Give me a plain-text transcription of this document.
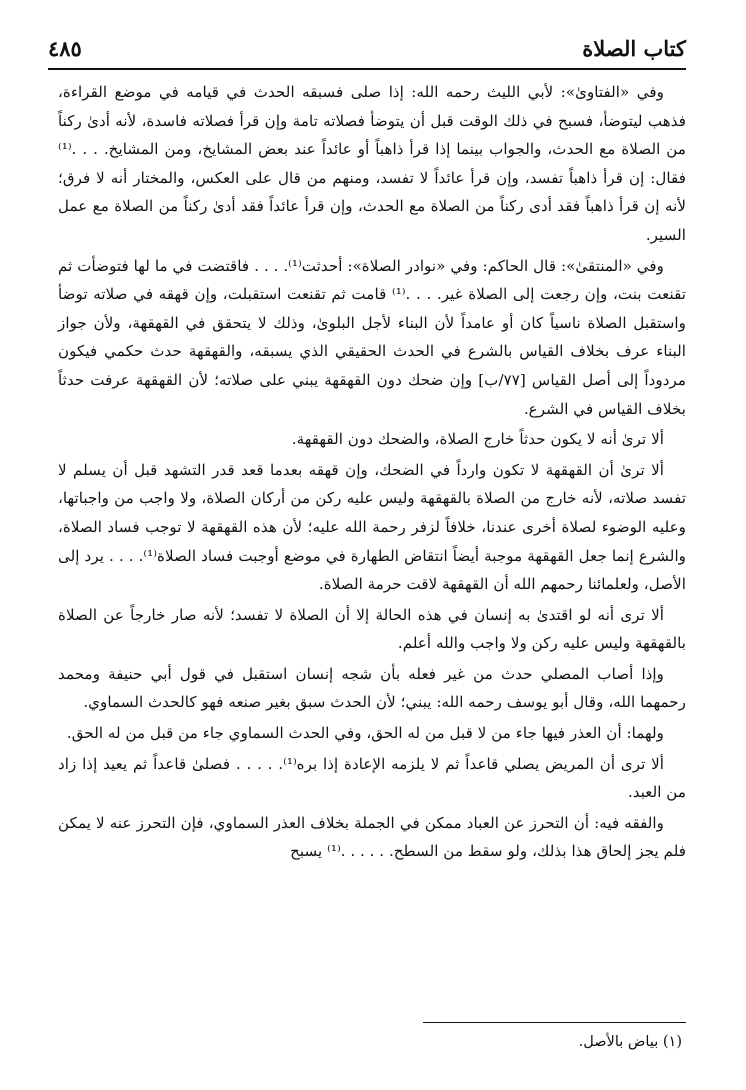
كتاب الصلاة
٤٨٥

وفي «الفتاوىٰ»: لأبي الليث رحمه الله: إذا صلى فسبقه الحدث في قيامه في موضع القراءة، فذهب ليتوضأ، فسبح في ذلك الوقت قبل أن يتوضأ فصلاته تامة وإن قرأ فصلاته فاسدة، لأنه أدىٰ ركناً من الصلاة مع الحدث، والجواب بينما إذا قرأ ذاهباً أو عائداً عند بعض المشايخ، ومن المشايخ. . . .⁽¹⁾ فقال: إن قرأ ذاهباً تفسد، وإن قرأ عائداً لا تفسد، ومنهم من قال على العكس، والمختار أنه لا فرق؛ لأنه إن قرأ ذاهباً فقد أدى ركناً من الصلاة مع الحدث، وإن قرأ عائداً فقد أدىٰ ركناً من الصلاة مع عمل السير.

وفي «المنتقىٰ»: قال الحاكم: وفي «نوادر الصلاة»: أحدثت⁽¹⁾. . . . فاقتضت في ما لها فتوضأت ثم تقنعت بنت، وإن رجعت إلى الصلاة غير. . . .⁽¹⁾ قامت ثم تقنعت استقبلت، وإن قهقه في صلاته توضأ واستقبل الصلاة ناسياً كان أو عامداً لأن البناء لأجل البلوىٰ، وذلك لا يتحقق في القهقهة، ولأن جواز البناء عرف بخلاف القياس بالشرع في الحدث الحقيقي الذي يسبقه، والقهقهة حدث حكمي فيكون مردوداً إلى أصل القياس [٧٧/ب] وإن ضحك دون القهقهة يبني على صلاته؛ لأن القهقهة عرفت حدثاً بخلاف القياس في الشرع.

ألا ترىٰ أنه لا يكون حدثاً خارج الصلاة، والضحك دون القهقهة.

ألا ترىٰ أن القهقهة لا تكون وارداً في الضحك، وإن قهقه بعدما قعد قدر التشهد قبل أن يسلم لا تفسد صلاته، لأنه خارج من الصلاة بالقهقهة وليس عليه ركن من أركان الصلاة، ولا واجب من واجباتها، وعليه الوضوء لصلاة أخرى عندنا، خلافاً لزفر رحمة الله عليه؛ لأن هذه القهقهة لا توجب فساد الصلاة، والشرع إنما جعل القهقهة موجبة أيضاً انتقاض الطهارة في موضع أوجبت فساد الصلاة⁽¹⁾. . . . يرد إلى الأصل، ولعلمائنا رحمهم الله أن القهقهة لاقت حرمة الصلاة.

ألا ترى أنه لو اقتدىٰ به إنسان في هذه الحالة إلا أن الصلاة لا تفسد؛ لأنه صار خارجاً عن الصلاة بالقهقهة وليس عليه ركن ولا واجب والله أعلم.

وإذا أصاب المصلي حدث من غير فعله بأن شجه إنسان استقبل في قول أبي حنيفة ومحمد رحمهما الله، وقال أبو يوسف رحمه الله: يبني؛ لأن الحدث سبق بغير صنعه فهو كالحدث السماوي.

ولهما: أن العذر فيها جاء من لا قبل من له الحق، وفي الحدث السماوي جاء من قبل من له الحق.

ألا ترى أن المريض يصلي قاعداً ثم لا يلزمه الإعادة إذا بره⁽¹⁾. . . . . فصلىٰ قاعداً ثم يعيد إذا زاد من العبد.

والفقه فيه: أن التحرز عن العباد ممكن في الجملة بخلاف العذر السماوي، فإن التحرز عنه لا يمكن فلم يجز إلحاق هذا بذلك، ولو سقط من السطح. . . . . .⁽¹⁾ يسبح

(١) بياض بالأصل.
